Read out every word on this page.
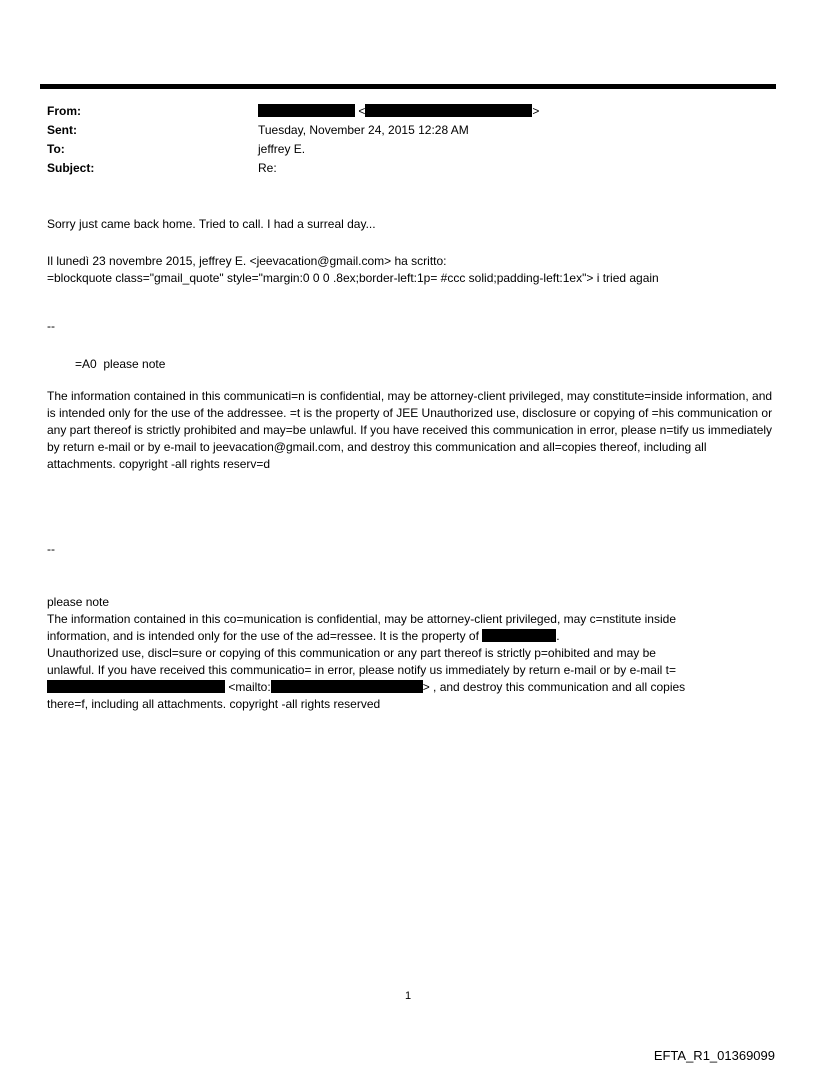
From:	<	>
Sent:	Tuesday, November 24, 2015 12:28 AM
To:	jeffrey E.
Subject:	Re:
Sorry just came back home. Tried to call. I had a surreal day...
Il lunedì 23 novembre 2015, jeffrey E. <jeevacation@gmail.com> ha scritto:
=blockquote class="gmail_quote" style="margin:0 0 0 .8ex;border-left:1p= #ccc solid;padding-left:1ex"> i tried again
--
=A0  please note
The information contained in this communicati=n is confidential, may be attorney-client privileged, may constitute=inside information, and is intended only for the use of the addressee. =t is the property of JEE Unauthorized use, disclosure or copying of =his communication or any part thereof is strictly prohibited and may=be unlawful. If you have received this communication in error, please n=tify us immediately by return e-mail or by e-mail to jeevacation@gmail.com, and destroy this communication and all=copies thereof, including all attachments. copyright -all rights reserv=d
--
please note
The information contained in this co=munication is confidential, may be attorney-client privileged, may c=nstitute inside
information, and is intended only for the use of the ad=ressee. It is the property of	.
Unauthorized use, discl=sure or copying of this communication or any part thereof is strictly p=ohibited and may be
unlawful. If you have received this communicatio= in error, please notify us immediately by return e-mail or by e-mail t=
<mailto:	> , and destroy this communication and all copies
there=f, including all attachments. copyright -all rights reserved
1
EFTA_R1_01369099
